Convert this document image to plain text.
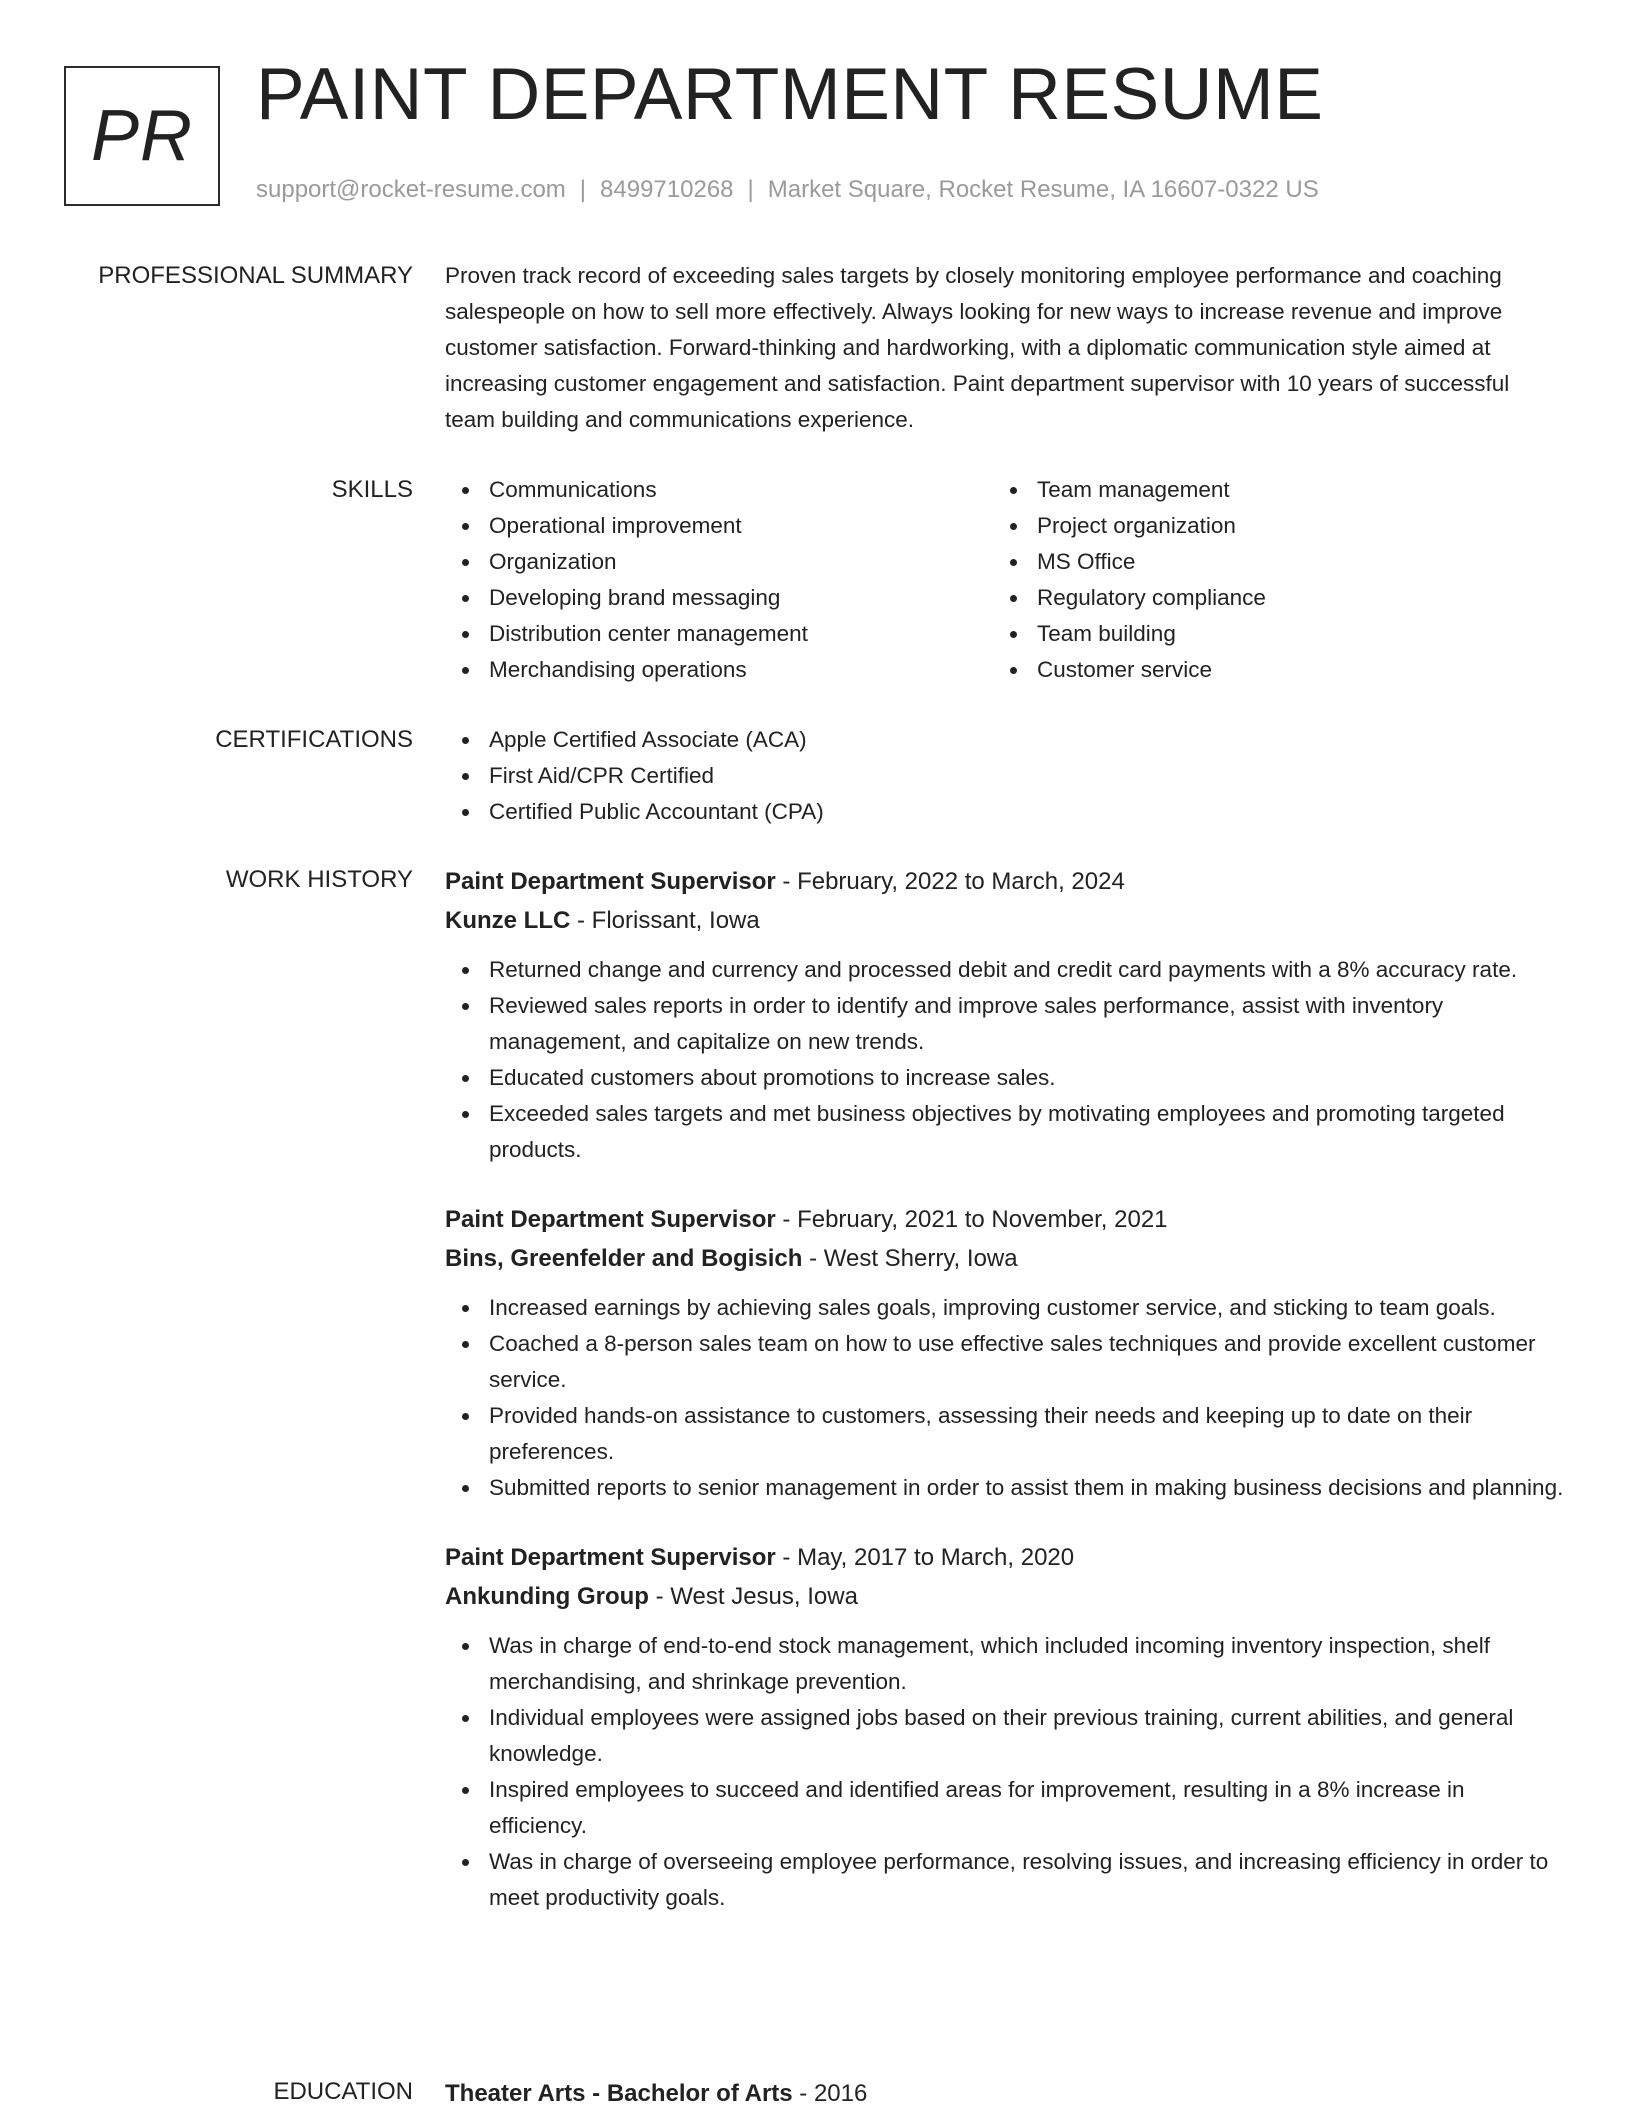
PR
PAINT DEPARTMENT RESUME
support@rocket-resume.com | 8499710268 | Market Square, Rocket Resume, IA 16607-0322 US
PROFESSIONAL SUMMARY Proven track record of exceeding sales targets by closely monitoring employee performance and coaching salespeople on how to sell more effectively. Always looking for new ways to increase revenue and improve customer satisfaction. Forward-thinking and hardworking, with a diplomatic communication style aimed at increasing customer engagement and satisfaction. Paint department supervisor with 10 years of successful team building and communications experience.

SKILLS	Communications
Operational improvement
Organization
Developing brand messaging
Distribution center management
Merchandising operations
Team management
Project organization
MS Office
Regulatory compliance
Team building
Customer service
CERTIFICATIONS	Apple Certified Associate (ACA)
First Aid/CPR Certified
Certified Public Accountant (CPA)
WORK HISTORY Paint Department Supervisor - February, 2022 to March, 2024
Kunze LLC - Florissant, Iowa
Returned change and currency and processed debit and credit card payments with a 8% accuracy rate.
Reviewed sales reports in order to identify and improve sales performance, assist with inventory management, and capitalize on new trends.
Educated customers about promotions to increase sales.
Exceeded sales targets and met business objectives by motivating employees and promoting targeted products.
Paint Department Supervisor - February, 2021 to November, 2021
Bins, Greenfelder and Bogisich - West Sherry, Iowa
Increased earnings by achieving sales goals, improving customer service, and sticking to team goals.
Coached a 8-person sales team on how to use effective sales techniques and provide excellent customer service.
Provided hands-on assistance to customers, assessing their needs and keeping up to date on their preferences.
Submitted reports to senior management in order to assist them in making business decisions and planning.
Paint Department Supervisor - May, 2017 to March, 2020
Ankunding Group - West Jesus, Iowa
Was in charge of end-to-end stock management, which included incoming inventory inspection, shelf merchandising, and shrinkage prevention.
Individual employees were assigned jobs based on their previous training, current abilities, and general knowledge.
Inspired employees to succeed and identified areas for improvement, resulting in a 8% increase in efficiency.
Was in charge of overseeing employee performance, resolving issues, and increasing efficiency in order to meet productivity goals.
EDUCATION Theater Arts - Bachelor of Arts - 2016
